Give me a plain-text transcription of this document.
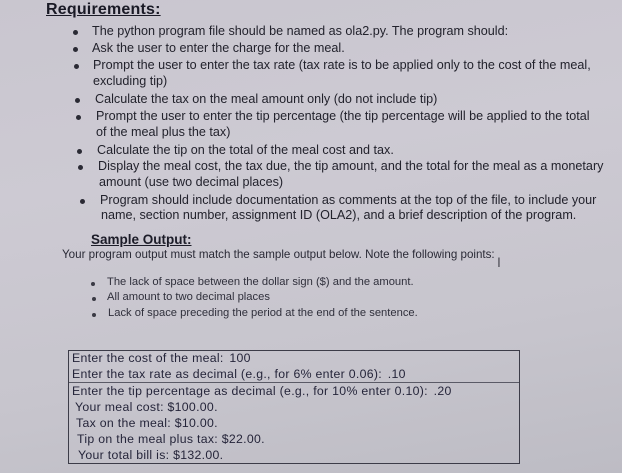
Requirements:
The python program file should be named as ola2.py. The program should:
Ask the user to enter the charge for the meal.
Prompt the user to enter the tax rate (tax rate is to be applied only to the cost of the meal,
excluding tip)
Calculate the tax on the meal amount only (do not include tip)
Prompt the user to enter the tip percentage (the tip percentage will be applied to the total
of the meal plus the tax)
Calculate the tip on the total of the meal cost and tax.
Display the meal cost, the tax due, the tip amount, and the total for the meal as a monetary
amount (use two decimal places)
Program should include documentation as comments at the top of the file, to include your
name, section number, assignment ID (OLA2), and a brief description of the program.
Sample Output:
Your program output must match the sample output below. Note the following points: I
The lack of space between the dollar sign ($) and the amount.
All amount to two decimal places
Lack of space preceding the period at the end of the sentence.
Enter the cost of the meal: 100
Enter the tax rate as decimal (e.g., for 6% enter 0.06): .10
Enter the tip percentage as decimal (e.g., for 10% enter 0.10): .20
Your meal cost: $100.00.
Tax on the meal: $10.00.
Tip on the meal plus tax: $22.00.
Your total bill is: $132.00.
